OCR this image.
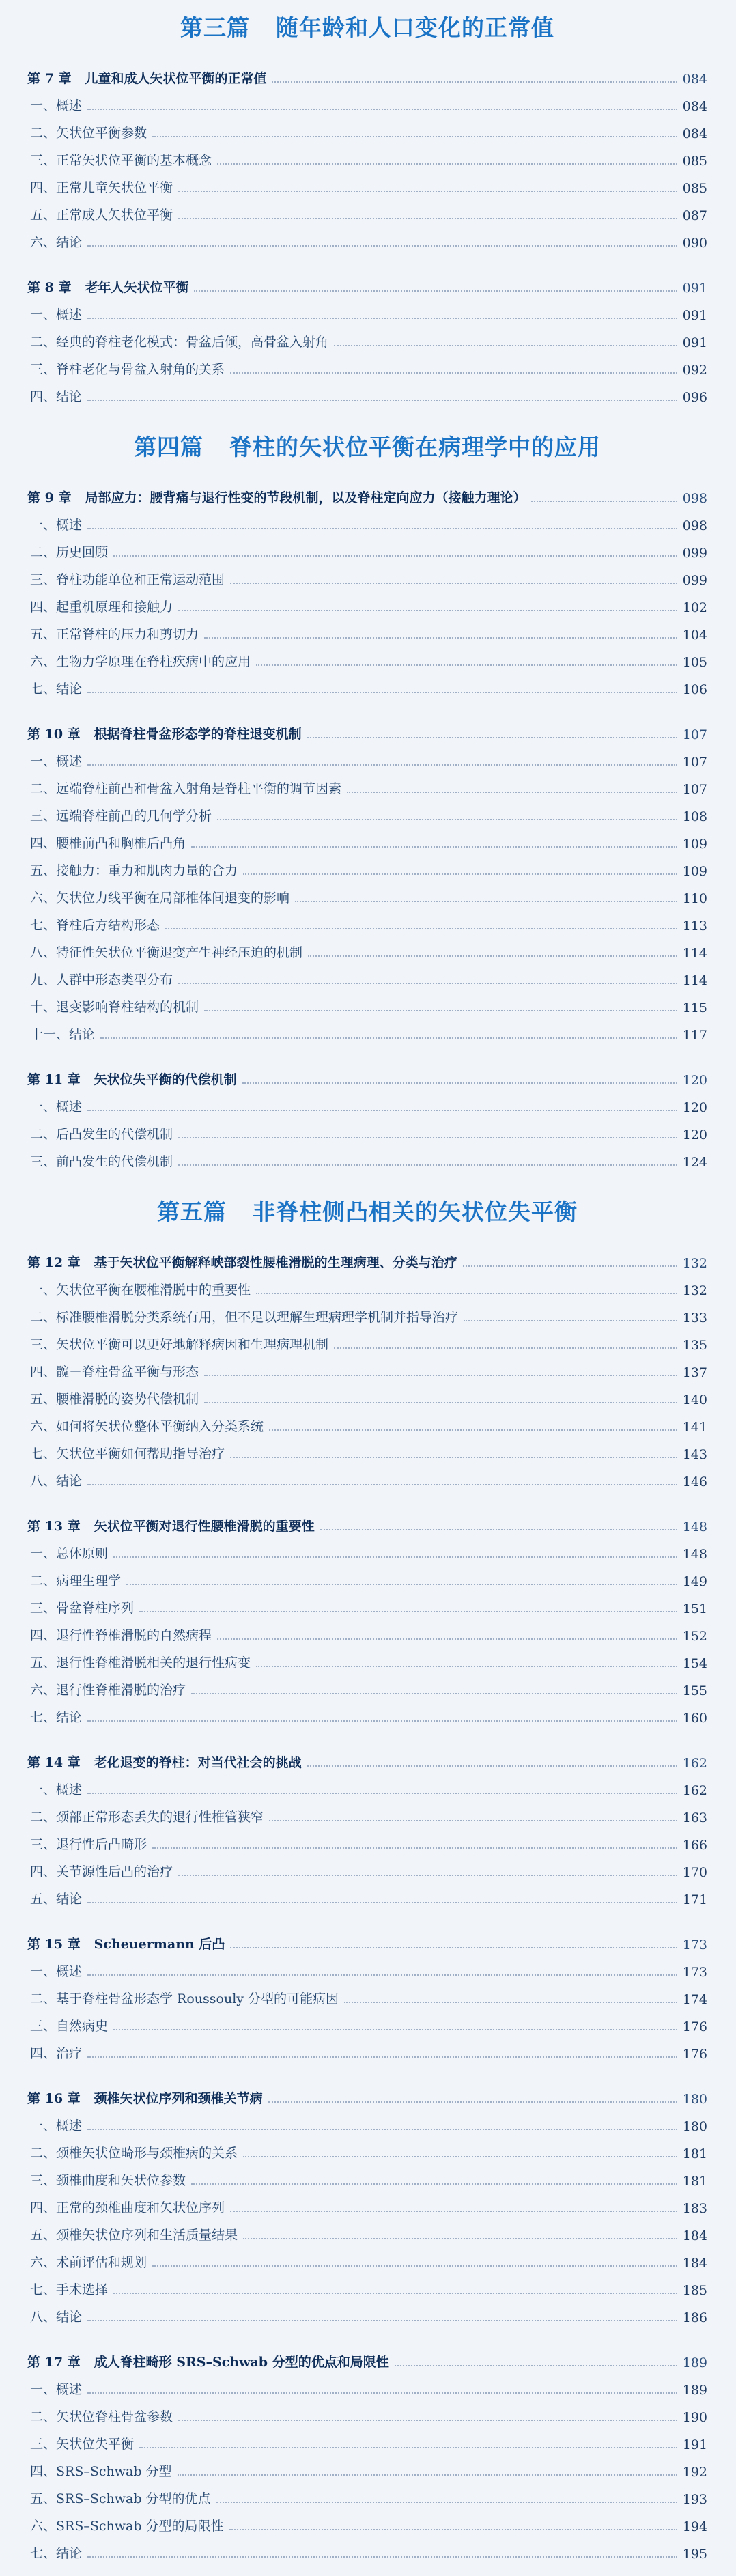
第三篇 随年龄和人口变化的正常值
第 7 章 儿童和成人矢状位平衡的正常值	084
一、概述	084
二、矢状位平衡参数	084
三、正常矢状位平衡的基本概念	085
四、正常儿童矢状位平衡	085
五、正常成人矢状位平衡	087
六、结论	090
第 8 章 老年人矢状位平衡	091
一、概述	091
二、经典的脊柱老化模式：骨盆后倾，高骨盆入射角	091
三、脊柱老化与骨盆入射角的关系	092
四、结论	096
第四篇 脊柱的矢状位平衡在病理学中的应用
第 9 章 局部应力：腰背痛与退行性变的节段机制，以及脊柱定向应力（接触力理论）	098
一、概述	098
二、历史回顾	099
三、脊柱功能单位和正常运动范围	099
四、起重机原理和接触力	102
五、正常脊柱的压力和剪切力	104
六、生物力学原理在脊柱疾病中的应用	105
七、结论	106
第 10 章 根据脊柱骨盆形态学的脊柱退变机制	107
一、概述	107
二、远端脊柱前凸和骨盆入射角是脊柱平衡的调节因素	107
三、远端脊柱前凸的几何学分析	108
四、腰椎前凸和胸椎后凸角	109
五、接触力：重力和肌肉力量的合力	109
六、矢状位力线平衡在局部椎体间退变的影响	110
七、脊柱后方结构形态	113
八、特征性矢状位平衡退变产生神经压迫的机制	114
九、人群中形态类型分布	114
十、退变影响脊柱结构的机制	115
十一、结论	117
第 11 章 矢状位失平衡的代偿机制	120
一、概述	120
二、后凸发生的代偿机制	120
三、前凸发生的代偿机制	124
第五篇 非脊柱侧凸相关的矢状位失平衡
第 12 章 基于矢状位平衡解释峡部裂性腰椎滑脱的生理病理、分类与治疗	132
一、矢状位平衡在腰椎滑脱中的重要性	132
二、标准腰椎滑脱分类系统有用，但不足以理解生理病理学机制并指导治疗	133
三、矢状位平衡可以更好地解释病因和生理病理机制	135
四、髋－脊柱骨盆平衡与形态	137
五、腰椎滑脱的姿势代偿机制	140
六、如何将矢状位整体平衡纳入分类系统	141
七、矢状位平衡如何帮助指导治疗	143
八、结论	146
第 13 章 矢状位平衡对退行性腰椎滑脱的重要性	148
一、总体原则	148
二、病理生理学	149
三、骨盆脊柱序列	151
四、退行性脊椎滑脱的自然病程	152
五、退行性脊椎滑脱相关的退行性病变	154
六、退行性脊椎滑脱的治疗	155
七、结论	160
第 14 章 老化退变的脊柱：对当代社会的挑战	162
一、概述	162
二、颈部正常形态丢失的退行性椎管狭窄	163
三、退行性后凸畸形	166
四、关节源性后凸的治疗	170
五、结论	171
第 15 章 Scheuermann 后凸	173
一、概述	173
二、基于脊柱骨盆形态学 Roussouly 分型的可能病因	174
三、自然病史	176
四、治疗	176
第 16 章 颈椎矢状位序列和颈椎关节病	180
一、概述	180
二、颈椎矢状位畸形与颈椎病的关系	181
三、颈椎曲度和矢状位参数	181
四、正常的颈椎曲度和矢状位序列	183
五、颈椎矢状位序列和生活质量结果	184
六、术前评估和规划	184
七、手术选择	185
八、结论	186
第 17 章 成人脊柱畸形 SRS–Schwab 分型的优点和局限性	189
一、概述	189
二、矢状位脊柱骨盆参数	190
三、矢状位失平衡	191
四、SRS–Schwab 分型	192
五、SRS–Schwab 分型的优点	193
六、SRS–Schwab 分型的局限性	194
七、结论	195
